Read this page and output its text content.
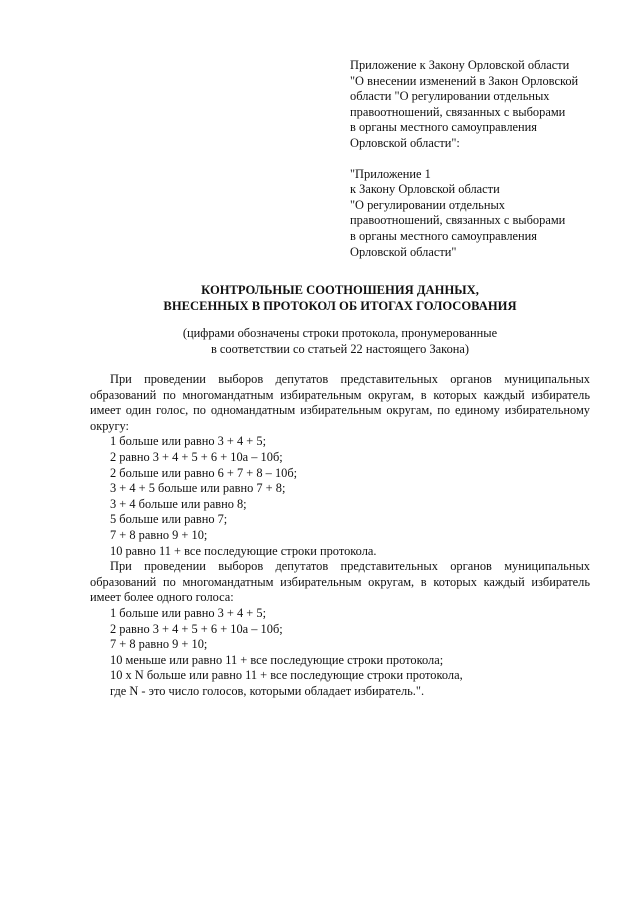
Приложение к Закону Орловской области
"О внесении изменений в Закон Орловской
области "О регулировании отдельных
правоотношений, связанных с выборами
в органы местного самоуправления
Орловской области":
"Приложение 1
к Закону Орловской области
"О регулировании отдельных
правоотношений, связанных с выборами
в органы местного самоуправления
Орловской области"
КОНТРОЛЬНЫЕ СООТНОШЕНИЯ ДАННЫХ,
ВНЕСЕННЫХ В ПРОТОКОЛ ОБ ИТОГАХ ГОЛОСОВАНИЯ
(цифрами обозначены строки протокола, пронумерованные
в соответствии со статьей 22 настоящего Закона)

При проведении выборов депутатов представительных органов муниципальных образований по многомандатным избирательным округам, в которых каждый избиратель имеет один голос, по одномандатным избирательным округам, по единому избирательному округу:

1 больше или равно 3 + 4 + 5;
2 равно 3 + 4 + 5 + 6 + 10а – 10б;
2 больше или равно 6 + 7 + 8 – 10б;
3 + 4 + 5 больше или равно 7 + 8;
3 + 4 больше или равно 8;
5 больше или равно 7;
7 + 8 равно 9 + 10;
10 равно 11 + все последующие строки протокола.

При проведении выборов депутатов представительных органов муниципальных образований по многомандатным избирательным округам, в которых каждый избиратель имеет более одного голоса:

1 больше или равно 3 + 4 + 5;
2 равно 3 + 4 + 5 + 6 + 10а – 10б;
7 + 8 равно 9 + 10;
10 меньше или равно 11 + все последующие строки протокола;
10 x N больше или равно 11 + все последующие строки протокола,
где N - это число голосов, которыми обладает избиратель.".
